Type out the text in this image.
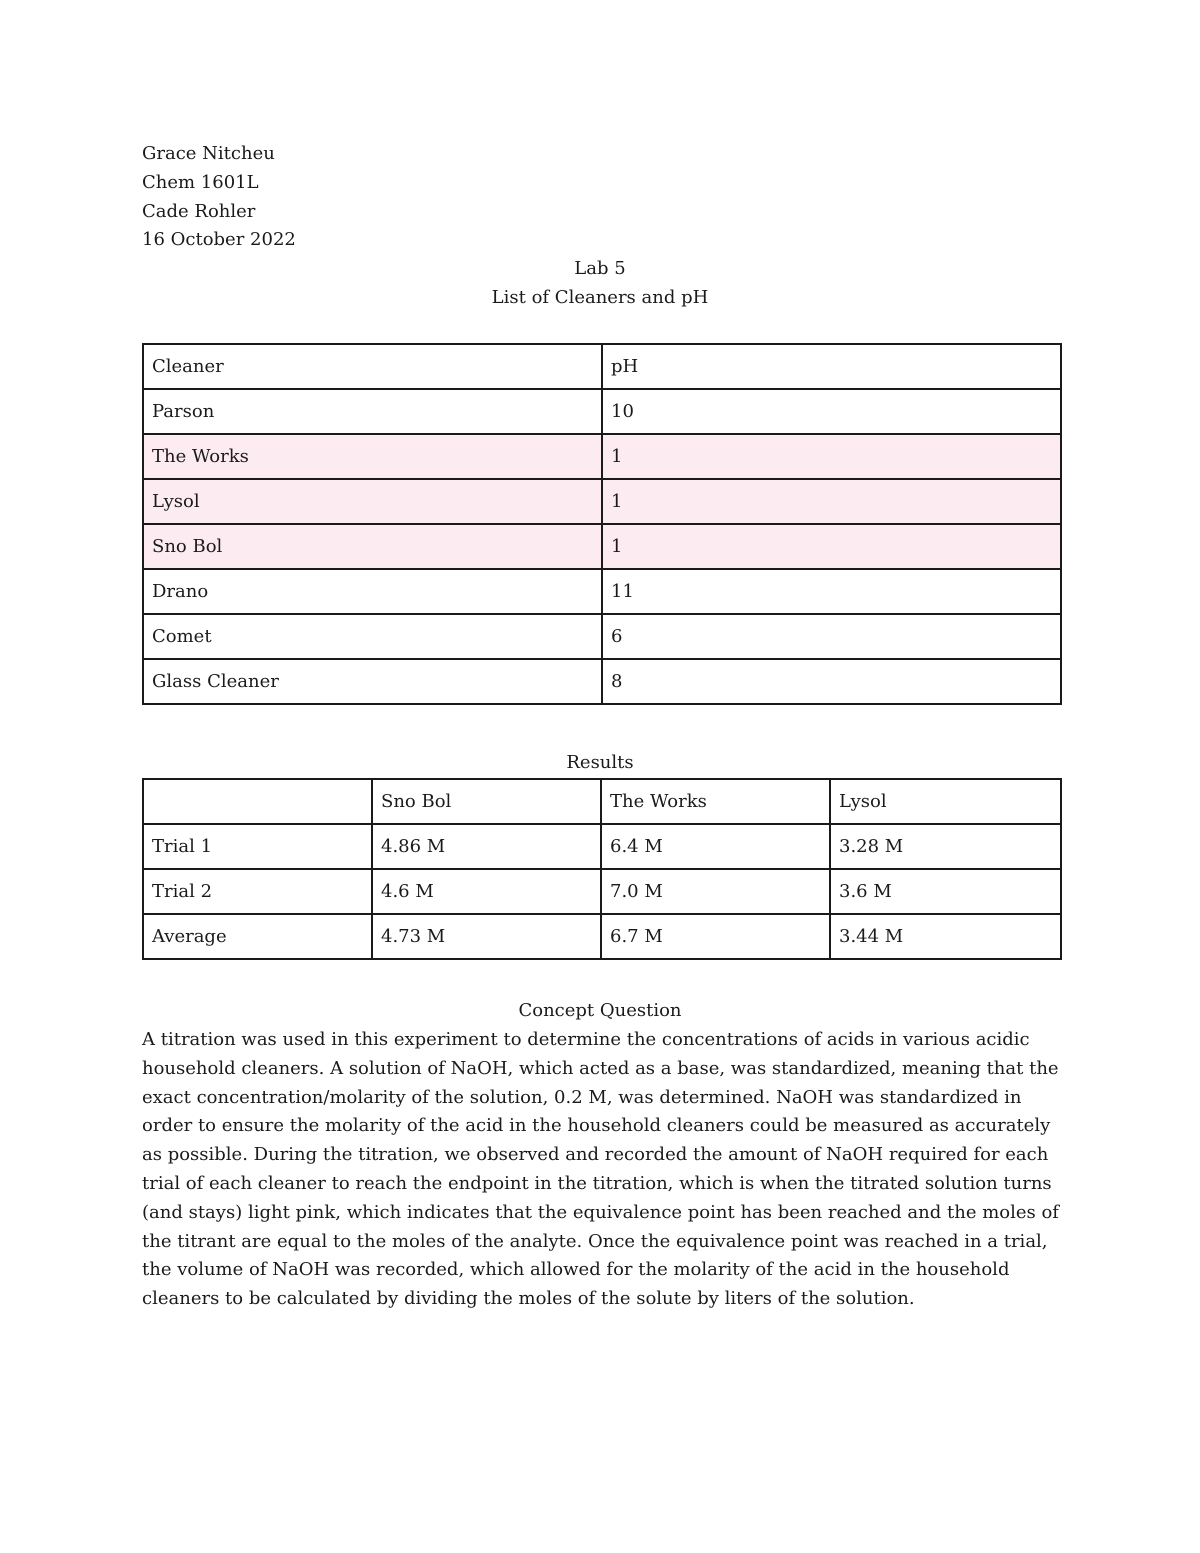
Grace Nitcheu
Chem 1601L
Cade Rohler
16 October 2022
Lab 5
List of Cleaners and pH
Cleaner	pH
Parson	10
The Works	1
Lysol	1
Sno Bol	1
Drano	11
Comet	6
Glass Cleaner	8
Results
	Sno Bol	The Works	Lysol
Trial 1	4.86 M	6.4 M	3.28 M
Trial 2	4.6 M	7.0 M	3.6 M
Average	4.73 M	6.7 M	3.44 M
Concept Question
A titration was used in this experiment to determine the concentrations of acids in various acidic household cleaners. A solution of NaOH, which acted as a base, was standardized, meaning that the exact concentration/molarity of the solution, 0.2 M, was determined. NaOH was standardized in order to ensure the molarity of the acid in the household cleaners could be measured as accurately as possible. During the titration, we observed and recorded the amount of NaOH required for each trial of each cleaner to reach the endpoint in the titration, which is when the titrated solution turns (and stays) light pink, which indicates that the equivalence point has been reached and the moles of the titrant are equal to the moles of the analyte. Once the equivalence point was reached in a trial, the volume of NaOH was recorded, which allowed for the molarity of the acid in the household cleaners to be calculated by dividing the moles of the solute by liters of the solution.
